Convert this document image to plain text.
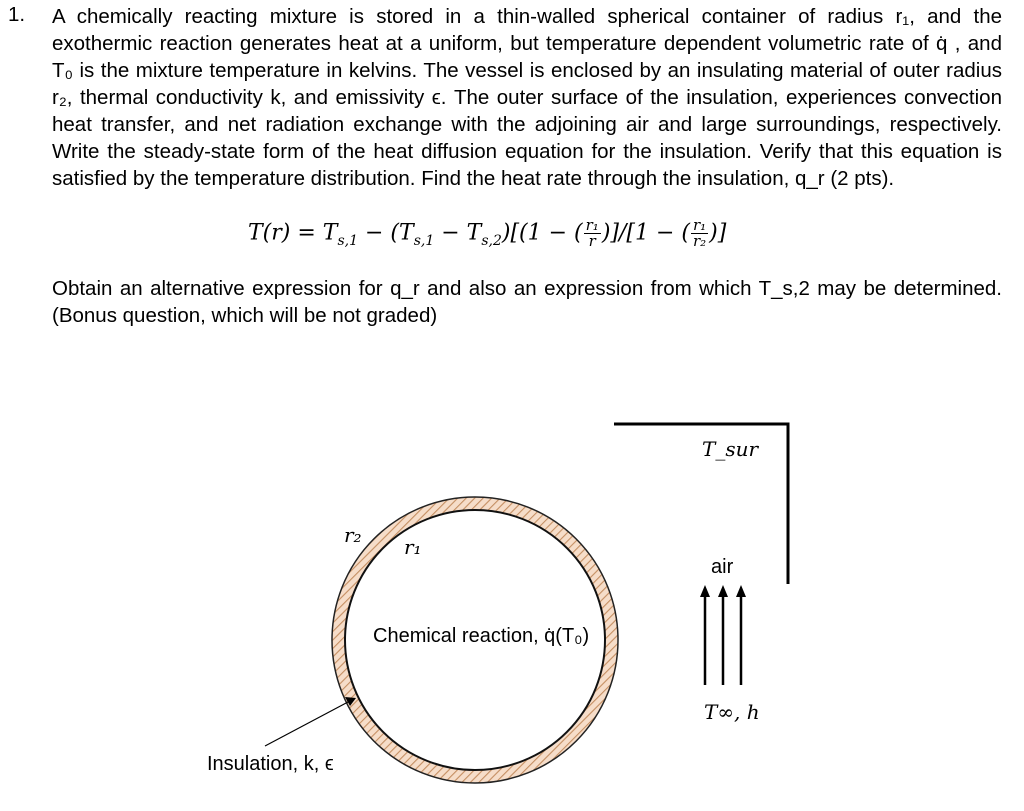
1. A chemically reacting mixture is stored in a thin-walled spherical container of radius r₁, and the exothermic reaction generates heat at a uniform, but temperature dependent volumetric rate of q̇ , and T₀ is the mixture temperature in kelvins. The vessel is enclosed by an insulating material of outer radius r₂, thermal conductivity k, and emissivity ϵ. The outer surface of the insulation, experiences convection heat transfer, and net radiation exchange with the adjoining air and large surroundings, respectively. Write the steady-state form of the heat diffusion equation for the insulation. Verify that this equation is satisfied by the temperature distribution. Find the heat rate through the insulation, q_r (2 pts).
$T(r) = T_{s,1} - (T_{s,1} - T_{s,2})[(1$ − ( $\frac{\text{r₁}}{r} )]/[1$ − ( $\frac{\text{r₁}}{\text{r₂}}$ )]
Obtain an alternative expression for q_r and also an expression from which T_s,2 may be determined. (Bonus question, which will be not graded)
r₂ r₁
Chemical reaction, q̇(T₀)
Insulation, k, ϵ
T_sur
air
T∞, h
